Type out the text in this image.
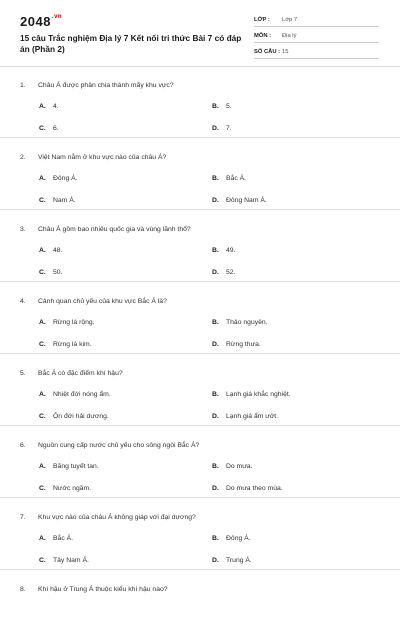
$2048^{.vn}$
15 câu Trắc nghiệm Địa lý 7 Kết nối tri thức Bài 7 có đáp án (Phần 2)
LỚP :	Lớp 7
MÔN :	Địa lý
SỐ CÂU : 15
1. Châu Á được phân chia thành mấy khu vực?
A. 4.	B. 5.
C. 6.	D. 7.
2. Việt Nam nằm ở khu vực nào của châu Á?
A. Đông Á.	B. Bắc Á.
C. Nam Á.	D. Đông Nam Á.
3. Châu Á gồm bao nhiêu quốc gia và vùng lãnh thổ?
A. 48.	B. 49.
C. 50.	D. 52.
4. Cảnh quan chủ yếu của khu vực Bắc Á là?
A. Rừng lá rộng.	B. Thảo nguyên.
C. Rừng lá kim.	D. Rừng thưa.
5. Bắc Á có đặc điểm khí hậu?
A. Nhiệt đới nóng ẩm.	B. Lạnh giá khắc nghiệt.
C. Ôn đới hải dương.	D. Lạnh giá ẩm ướt.
6. Nguồn cung cấp nước chủ yếu cho sông ngòi Bắc Á?
A. Băng tuyết tan.	B. Do mưa.
C. Nước ngầm.	D. Do mưa theo mùa.
7. Khu vực nào của châu Á không giáp với đại dương?
A. Bắc Á.	B. Đông Á.
C. Tây Nam Á.	D. Trung Á.
8. Khí hậu ở Trung Á thuộc kiểu khí hậu nào?
